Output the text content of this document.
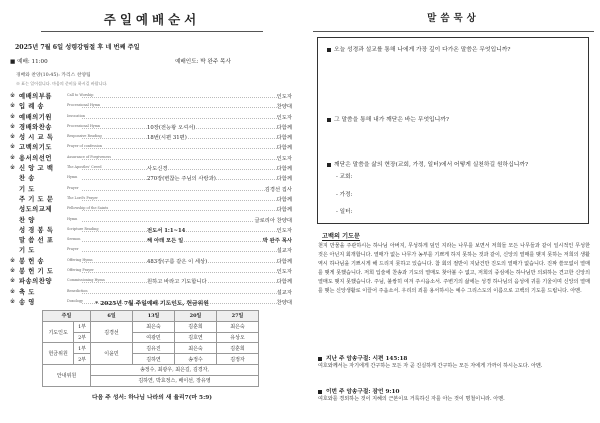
주일예배순서
2025년 7월 6일 성령강림절 후 네 번째 주일
■ 예배: 11:00	예배인도: 박 완주 목사
경배와 찬양(10:45): 카리스 찬양팀
※ 표는 일어섭니다. 마음의 준비를 하시길 바랍니다.
※ 예배의부름	Call to Worship	인도자
※ 입 례 송	Processional Hymn	찬양대
※ 예배의기원	Invocation	인도자
※ 경배와찬송	Processional Hymn	10장(전능왕 오셔서)	다함께
※ 성 시 교 독	Responsive Reading	18번(시편 31편)	다함께
※ 고백의기도	Prayer of confession	다함께
※ 용서의선언	Assurance of Forgiveness	인도자
※ 신 앙 고 백	The Apostles' Creed	사도신경	다함께
찬 송	Hymn	270장(변찮는 주님의 사랑과)	다함께
기 도	Prayer	김경선 집사
주 기 도 문	The Lord's Prayer	다함께
성도의교제	Fellowship of the Saints	다함께
찬 양	Hymn	글로리아 찬양대
성 경 봉 독	Scripture Reading	전도서 1:1~14	인도자
말 씀 선 포	Sermon	해 아래 모든 일	박 완주 목사
기 도	Prayer	설교자
※ 봉 헌 송	Offering Hymn	483장(구름 같은 이 세상)	다함께
※ 봉 헌 기 도	Offering Prayer	인도자
※ 파송의찬양	Commissioning Hymn	원하고 바라고 기도합니다	다함께
※ 축 도	Benediction	설교자
※ 송 영	Doxology	찬양대
* 2025년 7월 주일예배 기도인도, 헌금위원
주일		6일	13일	20일	27일
기도인도	1부	김경선	최은숙	김훈희	최은숙
	2부		여광민	김호연	유상오
헌금위원	1부	이윤민	김유진	최은숙	김훈희
	2부		김하연	송정수	김정자
안내위원		송정수, 최광우, 최은길, 김경자,			
		김하연, 박효정스, 배이선, 장유영			
다음 주 성서: 하나님 나라의 새 율리7(마 5:9)
말씀묵상
오늘 성경과 설교를 통해 나에게 가장 깊이 다가온 말씀은 무엇입니까?
그 말씀을 통해 내가 깨닫은 바는 무엇입니까?
깨닫은 말씀을 삶의 현장(교회, 가정, 일터)에서 어떻게 실천하길 원하십니까?
- 교회:
- 가정:
- 일터:
고백의 기도문
천지 만물을 주관하시는 하나님 아버지, 무성하게 덮인 지라는 나무를 보면서 저희들 모든 나무들과 같이 일시적인 무성한 것은 아닌지 회개합니다. 열매가 없는 나무가 농부를 기쁘게 하지 못하는 것과 같이, 신앙의 열매를 맺지 못하는 저희의 생활 역시 하나님을 기쁘시게 해 드리지 못하고 있습니다. 참 회의 절반이 지났건만 진도의 열매가 없습니다. 진짜 쓸모없이 열매를 맺게 못했습니다. 저희 입술에 찬송과 기도의 열매도 찾아볼 수 없고, 저희의 중심에는 하나님만 의뢰하는 견고한 신앙의 열매도 맺지 못했습니다. 주님, 불쌍히 여겨 주시옵소서. 주변기의 삶에는 성경 하나님의 음성에 귀를 기울이며 신앙의 열매를 맺는 신앙생활로 이끌어 주옵소서. 우리의 죄를 용서하시는 예수 그리스도의 이름으로 고백의 기도를 드립니다. 아멘.
지난 주 암송구절: 시편 145:18
여호와께서는 자기에게 간구하는 모든 자 곧 진실하게 간구하는 모든 자에게 가까이 하시는도다. 아멘.
이번 주 암송구절: 잠언 9:10
여호와를 경외하는 것이 지혜의 근본이요 거룩하신 자를 아는 것이 명철이니라. 아멘.
